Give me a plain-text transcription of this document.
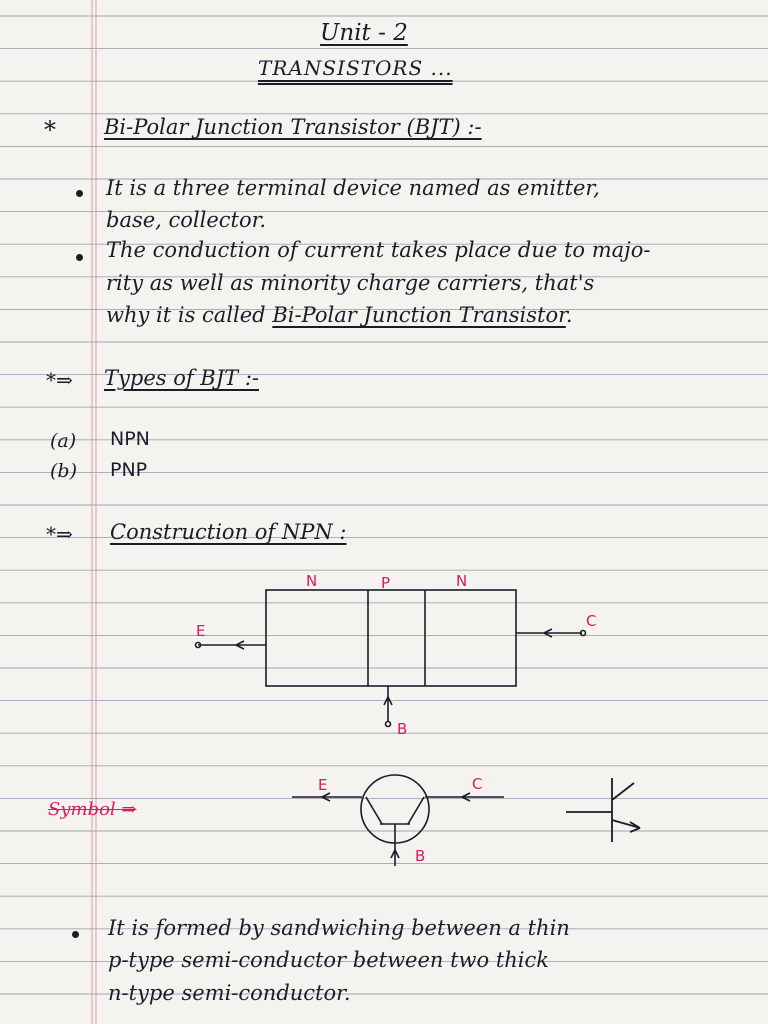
Unit - 2
TRANSISTORS ...
* Bi-Polar Junction Transistor (BJT) :-
It is a three terminal device named as emitter,
base, collector.
The conduction of current takes place due to majo-
rity as well as minority charge carriers, that's
why it is called Bi-Polar Junction Transistor.
*⇒ Types of BJT :-
(a) NPN
(b) PNP
*⇒ Construction of NPN :
N	P	N
E
C
B
Symbol ⇒
E	C
B
It is formed by sandwiching between a thin
p-type semi-conductor between two thick
n-type semi-conductor.
